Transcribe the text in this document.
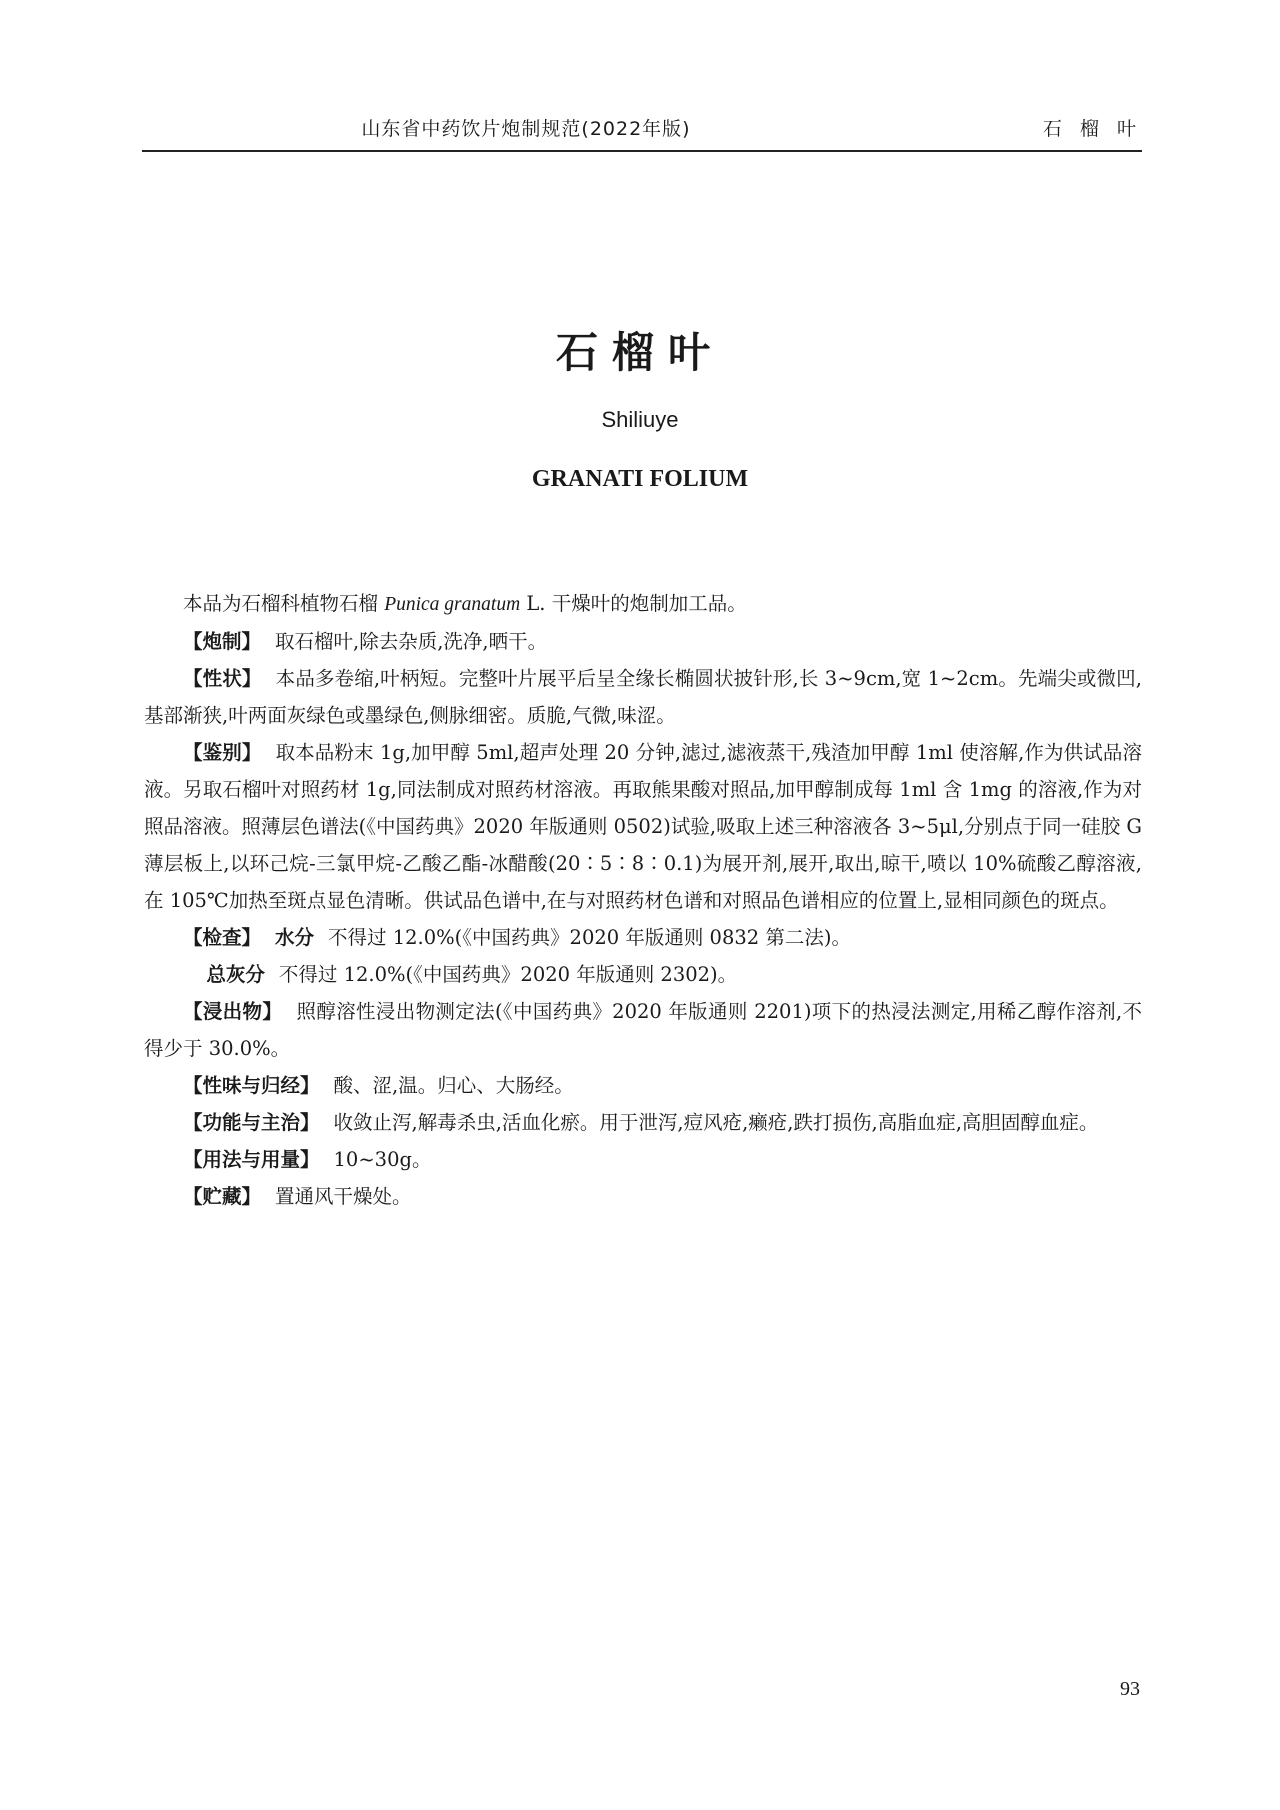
山东省中药饮片炮制规范(2022年版)	石 榴 叶
石榴叶
Shiliuye
GRANATI FOLIUM

本品为石榴科植物石榴 Punica granatum L. 干燥叶的炮制加工品。

【炮制】 取石榴叶,除去杂质,洗净,晒干。

【性状】 本品多卷缩,叶柄短。完整叶片展平后呈全缘长椭圆状披针形,长 3~9cm,宽 1~2cm。先端尖或微凹,基部渐狭,叶两面灰绿色或墨绿色,侧脉细密。质脆,气微,味涩。

【鉴别】 取本品粉末 1g,加甲醇 5ml,超声处理 20 分钟,滤过,滤液蒸干,残渣加甲醇 1ml 使溶解,作为供试品溶液。另取石榴叶对照药材 1g,同法制成对照药材溶液。再取熊果酸对照品,加甲醇制成每 1ml 含 1mg 的溶液,作为对照品溶液。照薄层色谱法(《中国药典》2020 年版通则 0502)试验,吸取上述三种溶液各 3~5μl,分别点于同一硅胶 G 薄层板上,以环己烷-三氯甲烷-乙酸乙酯-冰醋酸(20∶5∶8∶0.1)为展开剂,展开,取出,晾干,喷以 10%硫酸乙醇溶液,在 105℃加热至斑点显色清晰。供试品色谱中,在与对照药材色谱和对照品色谱相应的位置上,显相同颜色的斑点。

【检查】 水分 不得过 12.0%(《中国药典》2020 年版通则 0832 第二法)。

总灰分 不得过 12.0%(《中国药典》2020 年版通则 2302)。

【浸出物】 照醇溶性浸出物测定法(《中国药典》2020 年版通则 2201)项下的热浸法测定,用稀乙醇作溶剂,不得少于 30.0%。

【性味与归经】 酸、涩,温。归心、大肠经。

【功能与主治】 收敛止泻,解毒杀虫,活血化瘀。用于泄泻,痘风疮,癞疮,跌打损伤,高脂血症,高胆固醇血症。

【用法与用量】 10~30g。

【贮藏】 置通风干燥处。

93
